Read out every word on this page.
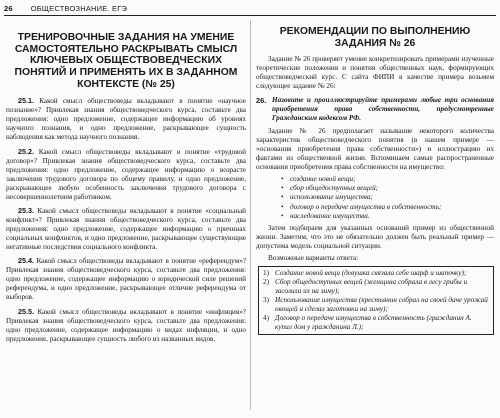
26 ОБЩЕСТВОЗНАНИЕ. ЕГЭ
ТРЕНИРОВОЧНЫЕ ЗАДАНИЯ НА УМЕНИЕ САМОСТОЯТЕЛЬНО РАСКРЫВАТЬ СМЫСЛ КЛЮЧЕВЫХ ОБЩЕСТВОВЕДЧЕСКИХ ПОНЯТИЙ И ПРИМЕНЯТЬ ИХ В ЗАДАННОМ КОНТЕКСТЕ (№ 25)

25.1. Какой смысл обществоведы вкладывают в понятие «научное познание»? Привлекая знания обществоведческого курса, составьте два предложения: одно предложение, содержащее информацию об уровнях научного познания, и одно предложение, раскрывающее сущность наблюдения как метода научного познания.

25.2. Какой смысл обществоведы вкладывают в понятие «трудовой договор»? Привлекая знания обществоведческого курса, составьте два предложения: одно предложение, содержащее информацию о возрасте заключения трудового договора по общему правилу, и одно предложение, раскрывающее любую особенность заключения трудового договора с несовершеннолетним работником.

25.3. Какой смысл обществоведы вкладывают в понятие «социальный конфликт»? Привлекая знания обществоведческого курса, составьте два предложения: одно предложение, содержащее информацию о причинах социальных конфликтов, и одно предложение, раскрывающее существующие негативные последствия социального конфликта.

25.4. Какой смысл обществоведы вкладывают в понятие «референдум»? Привлекая знания обществоведческого курса, составьте два предложения: одно предложение, содержащее информацию о юридической силе решений референдума, и одно предложение, раскрывающее отличие референдума от выборов.

25.5. Какой смысл обществоведы вкладывают в понятие «инфляция»? Привлекая знания обществоведческого курса, составьте два предложения: одно предложение, содержащее информацию о видах инфляции, и одно предложение, раскрывающее сущность любого из названных видов.

РЕКОМЕНДАЦИИ ПО ВЫПОЛНЕНИЮ ЗАДАНИЯ № 26

Задание № 26 проверяет умение конкретизировать примерами изученные теоретические положения и понятия общественных наук, формирующих обществоведческий курс. С сайта ФИПИ в качестве примера возьмем следующее задание № 26:

26. Назовите и проиллюстрируйте примерами любые три основания приобретения права собственности, предусмотренные Гражданским кодексом РФ.

Задание № 26 предполагает называние некоторого количества характеристик обществоведческого понятия (в нашем примере — «основания приобретения права собственности») и иллюстрацию их фактами из общественной жизни. Вспоминаем самые распространенные основания приобретения права собственности на имущество:

• создание новой вещи;
• сбор общедоступных вещей;
• использование имущества;
• договор о передаче имущества в собственность;
• наследование имущества.

Затем подбираем для указанных оснований пример из общественной жизни. Заметим, что это не обязательно должен быть реальный пример — допустима модель социальной ситуации.

Возможные варианты ответа:

1) Создание новой вещи (девушка связала себе шарф и шапочку);
2) Сбор общедоступных вещей (женщина собрала в лесу грибы и засолила их на зиму);
3) Использование имущества (крестьянин собрал на своей даче урожай овощей и сделал заготовки на зиму);
4) Договор о передаче имущества в собственность (гражданин А. купил дом у гражданина Л.);
